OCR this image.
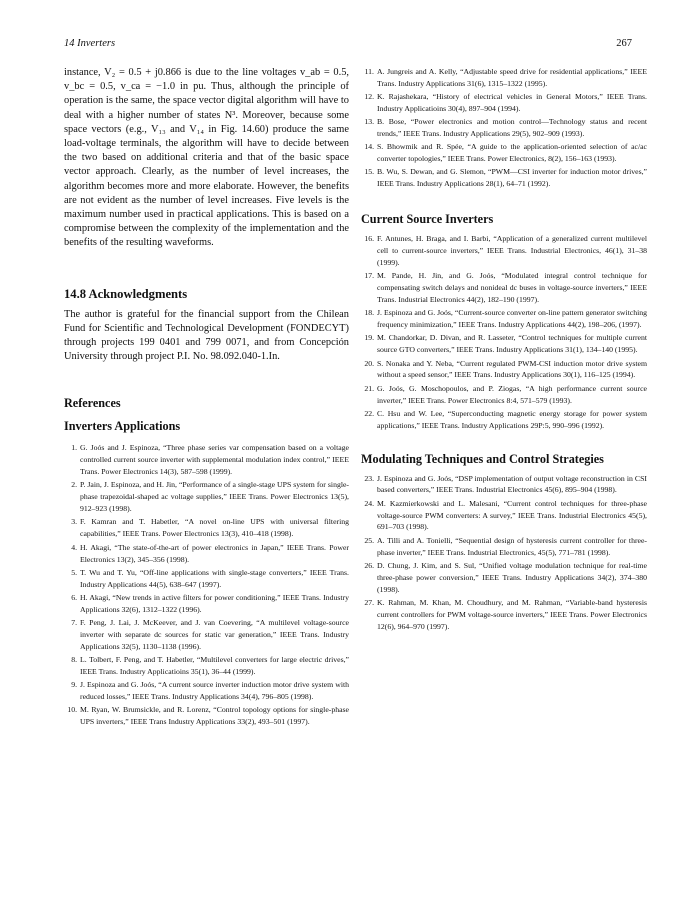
14 Inverters	267

instance, V₂ = 0.5 + j0.866 is due to the line voltages v_ab = 0.5, v_bc = 0.5, v_ca = −1.0 in pu. Thus, although the principle of operation is the same, the space vector digital algorithm will have to deal with a higher number of states N³. Moreover, because some space vectors (e.g., V₁₃ and V₁₄ in Fig. 14.60) produce the same load-voltage terminals, the algorithm will have to decide between the two based on additional criteria and that of the basic space vector approach. Clearly, as the number of level increases, the algorithm becomes more and more elaborate. However, the benefits are not evident as the number of level increases. Five levels is the maximum number used in practical applications. This is based on a compromise between the complexity of the implementation and the benefits of the resulting waveforms.

14.8 Acknowledgments

The author is grateful for the financial support from the Chilean Fund for Scientific and Technological Development (FONDECYT) through projects 199 0401 and 799 0071, and from Concepción University through project P.I. No. 98.092.040-1.In.

References
Inverters Applications
1. G. Joós and J. Espinoza, “Three phase series var compensation based on a voltage controlled current source inverter with supplemental modulation index control,” IEEE Trans. Power Electronics 14(3), 587–598 (1999).
2. P. Jain, J. Espinoza, and H. Jin, “Performance of a single-stage UPS system for single-phase trapezoidal-shaped ac voltage supplies,” IEEE Trans. Power Electronics 13(5), 912–923 (1998).
3. F. Kamran and T. Habetler, “A novel on-line UPS with universal filtering capabilities,” IEEE Trans. Power Electronics 13(3), 410–418 (1998).
4. H. Akagi, “The state-of-the-art of power electronics in Japan,” IEEE Trans. Power Electronics 13(2), 345–356 (1998).
5. T. Wu and T. Yu, “Off-line applications with single-stage converters,” IEEE Trans. Industry Applications 44(5), 638–647 (1997).
6. H. Akagi, “New trends in active filters for power conditioning,” IEEE Trans. Industry Applications 32(6), 1312–1322 (1996).
7. F. Peng, J. Lai, J. McKeever, and J. van Coevering, “A multilevel voltage-source inverter with separate dc sources for static var generation,” IEEE Trans. Industry Applications 32(5), 1130–1138 (1996).
8. L. Tolbert, F. Peng, and T. Habetler, “Multilevel converters for large electric drives,” IEEE Trans. Industry Applicatioins 35(1), 36–44 (1999).
9. J. Espinoza and G. Joós, “A current source inverter induction motor drive system with reduced losses,” IEEE Trans. Industry Applications 34(4), 796–805 (1998).
10. M. Ryan, W. Brumsickle, and R. Lorenz, “Control topology options for single-phase UPS inverters,” IEEE Trans Industry Applications 33(2), 493–501 (1997).
11. A. Jungreis and A. Kelly, “Adjustable speed drive for residential applications,” IEEE Trans. Industry Applications 31(6), 1315–1322 (1995).
12. K. Rajashekara, “History of electrical vehicles in General Motors,” IEEE Trans. Industry Applicatioins 30(4), 897–904 (1994).
13. B. Bose, “Power electronics and motion control—Technology status and recent trends,” IEEE Trans. Industry Applications 29(5), 902–909 (1993).
14. S. Bhowmik and R. Spée, “A guide to the application-oriented selection of ac/ac converter topologies,” IEEE Trans. Power Electronics, 8(2), 156–163 (1993).
15. B. Wu, S. Dewan, and G. Slemon, “PWM—CSI inverter for induction motor drives,” IEEE Trans. Industry Applications 28(1), 64–71 (1992).
Current Source Inverters
16. F. Antunes, H. Braga, and I. Barbi, “Application of a generalized current multilevel cell to current-source inverters,” IEEE Trans. Industrial Electronics, 46(1), 31–38 (1999).
17. M. Pande, H. Jin, and G. Joós, “Modulated integral control technique for compensating switch delays and nonideal dc buses in voltage-source inverters,” IEEE Trans. Industrial Electronics 44(2), 182–190 (1997).
18. J. Espinoza and G. Joós, “Current-source converter on-line pattern generator switching frequency minimization,” IEEE Trans. Industry Applications 44(2), 198–206, (1997).
19. M. Chandorkar, D. Divan, and R. Lasseter, “Control techniques for multiple current source GTO converters,” IEEE Trans. Industry Applications 31(1), 134–140 (1995).
20. S. Nonaka and Y. Neba, “Current regulated PWM-CSI induction motor drive system without a speed sensor,” IEEE Trans. Industry Applications 30(1), 116–125 (1994).
21. G. Joós, G. Moschopoulos, and P. Ziogas, “A high performance current source inverter,” IEEE Trans. Power Electronics 8:4, 571–579 (1993).
22. C. Hsu and W. Lee, “Superconducting magnetic energy storage for power system applications,” IEEE Trans. Industry Applications 29P:5, 990–996 (1992).
Modulating Techniques and Control Strategies
23. J. Espinoza and G. Joós, “DSP implementation of output voltage reconstruction in CSI based converters,” IEEE Trans. Industrial Electronics 45(6), 895–904 (1998).
24. M. Kazmierkowski and L. Malesani, “Current control techniques for three-phase voltage-source PWM converters: A survey,” IEEE Trans. Industrial Electronics 45(5), 691–703 (1998).
25. A. Tilli and A. Tonielli, “Sequential design of hysteresis current controller for three-phase inverter,” IEEE Trans. Industrial Electronics, 45(5), 771–781 (1998).
26. D. Chung, J. Kim, and S. Sul, “Unified voltage modulation technique for real-time three-phase power conversion,” IEEE Trans. Industry Applications 34(2), 374–380 (1998).
27. K. Rahman, M. Khan, M. Choudhury, and M. Rahman, “Variable-band hysteresis current controllers for PWM voltage-source inverters,” IEEE Trans. Power Electronics 12(6), 964–970 (1997).
